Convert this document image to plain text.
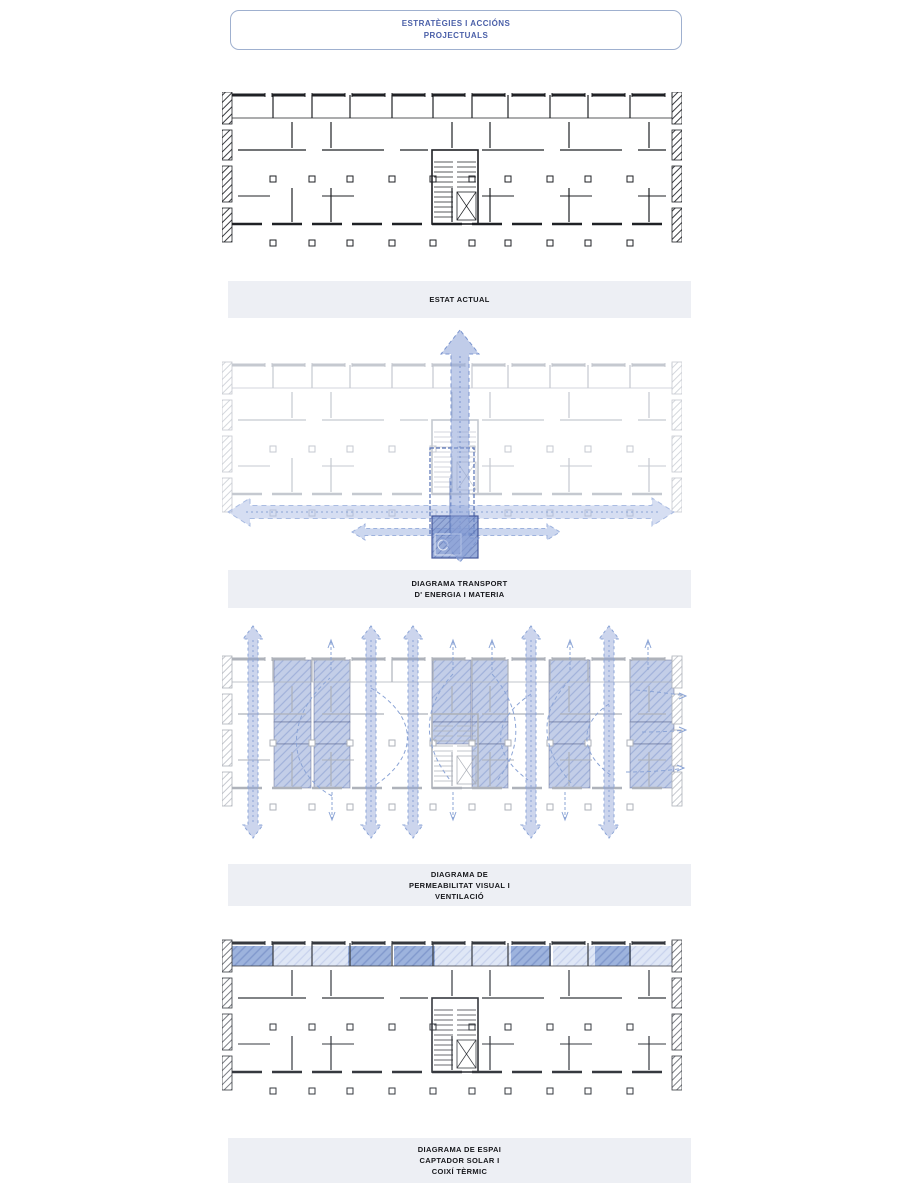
ESTRATÈGIES I ACCIÓNS
PROJECTUALS
ESTAT ACTUAL
DIAGRAMA TRANSPORT
D' ENERGIA I MATERIA
DIAGRAMA DE
PERMEABILITAT VISUAL I
VENTILACIÓ
DIAGRAMA DE ESPAI
CAPTADOR SOLAR I
COIXÍ TÈRMIC
